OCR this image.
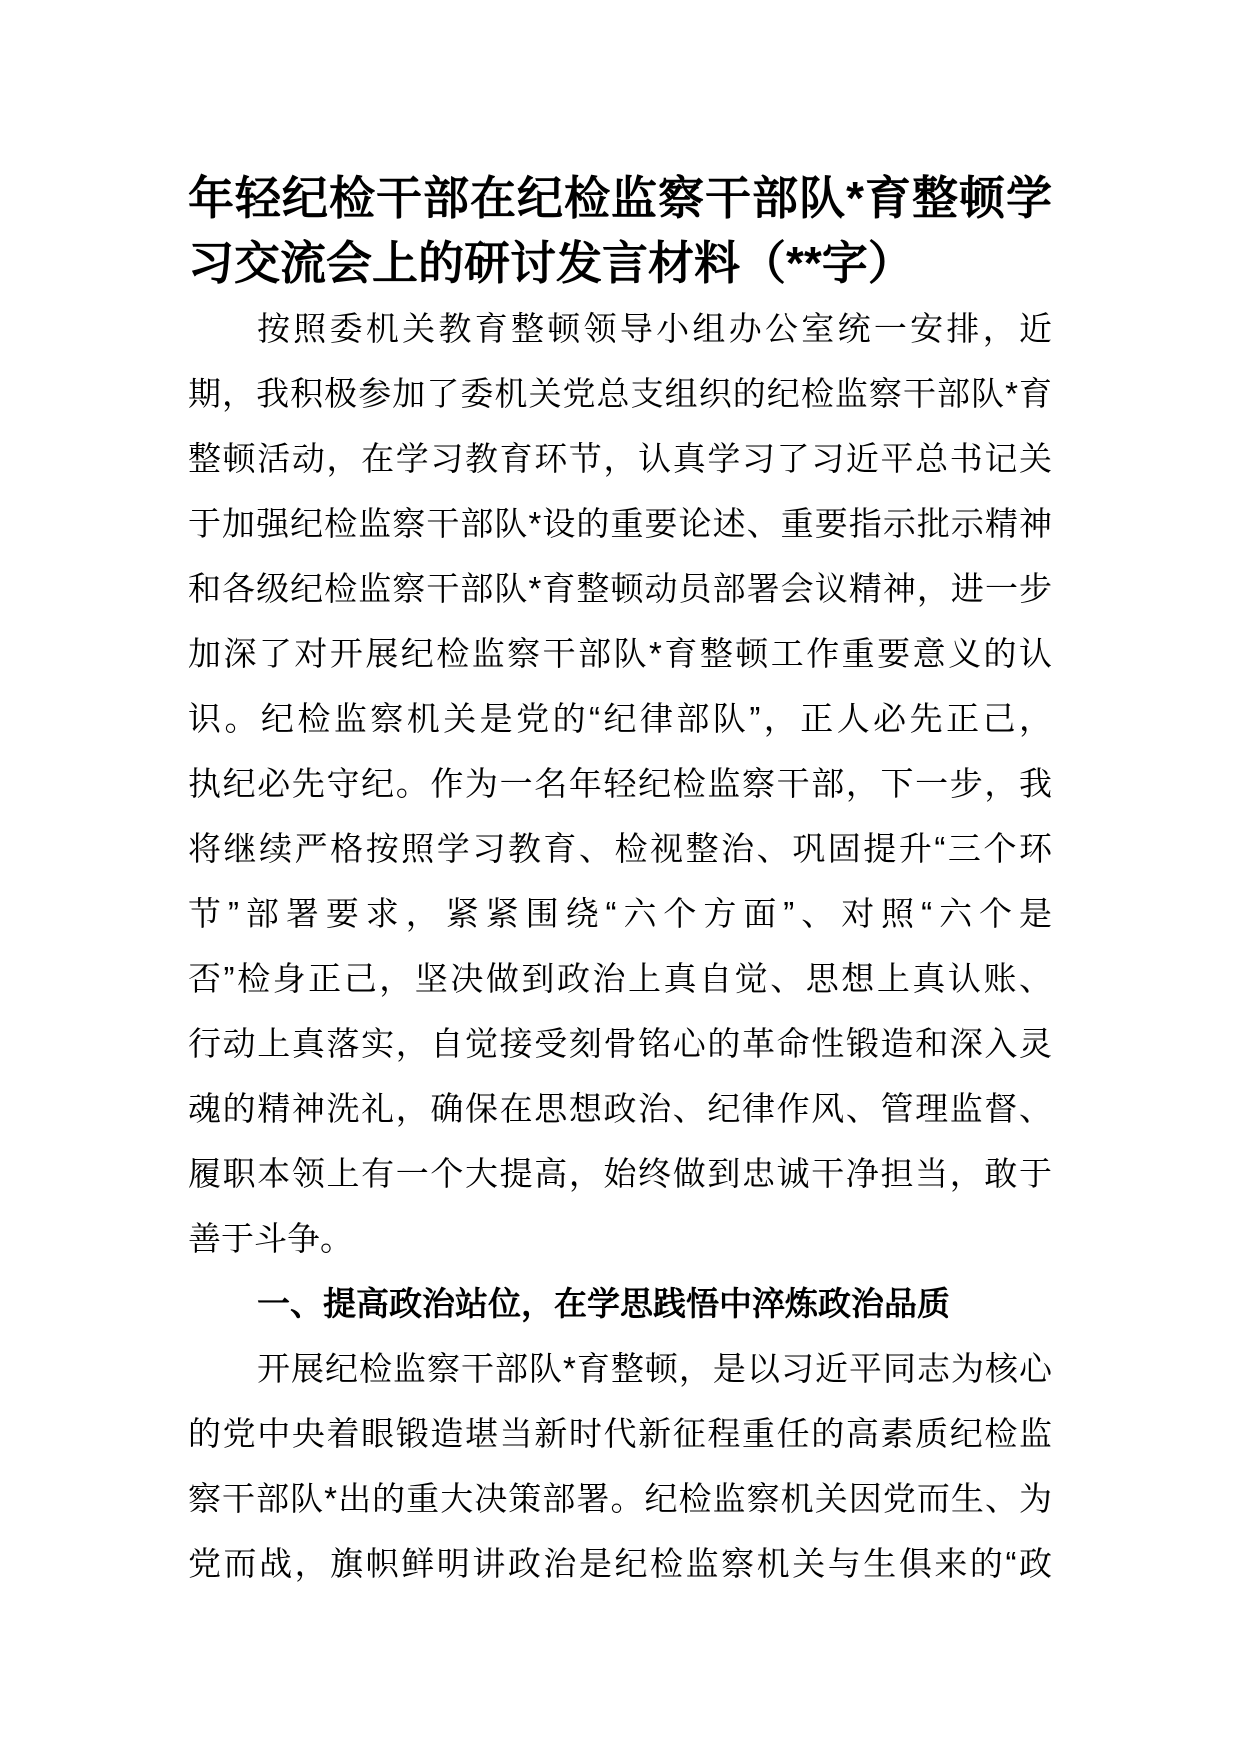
年轻纪检干部在纪检监察干部队*育整顿学
习交流会上的研讨发言材料（**字）
按照委机关教育整顿领导小组办公室统一安排，近
期，我积极参加了委机关党总支组织的纪检监察干部队*育
整顿活动，在学习教育环节，认真学习了习近平总书记关
于加强纪检监察干部队*设的重要论述、重要指示批示精神
和各级纪检监察干部队*育整顿动员部署会议精神，进一步
加深了对开展纪检监察干部队*育整顿工作重要意义的认
识。纪检监察机关是党的“纪律部队”，正人必先正己，
执纪必先守纪。作为一名年轻纪检监察干部，下一步，我
将继续严格按照学习教育、检视整治、巩固提升“三个环
节”部署要求，紧紧围绕“六个方面”、对照“六个是
否”检身正己，坚决做到政治上真自觉、思想上真认账、
行动上真落实，自觉接受刻骨铭心的革命性锻造和深入灵
魂的精神洗礼，确保在思想政治、纪律作风、管理监督、
履职本领上有一个大提高，始终做到忠诚干净担当，敢于
善于斗争。
一、提高政治站位，在学思践悟中淬炼政治品质
开展纪检监察干部队*育整顿，是以习近平同志为核心
的党中央着眼锻造堪当新时代新征程重任的高素质纪检监
察干部队*出的重大决策部署。纪检监察机关因党而生、为
党而战，旗帜鲜明讲政治是纪检监察机关与生俱来的“政
